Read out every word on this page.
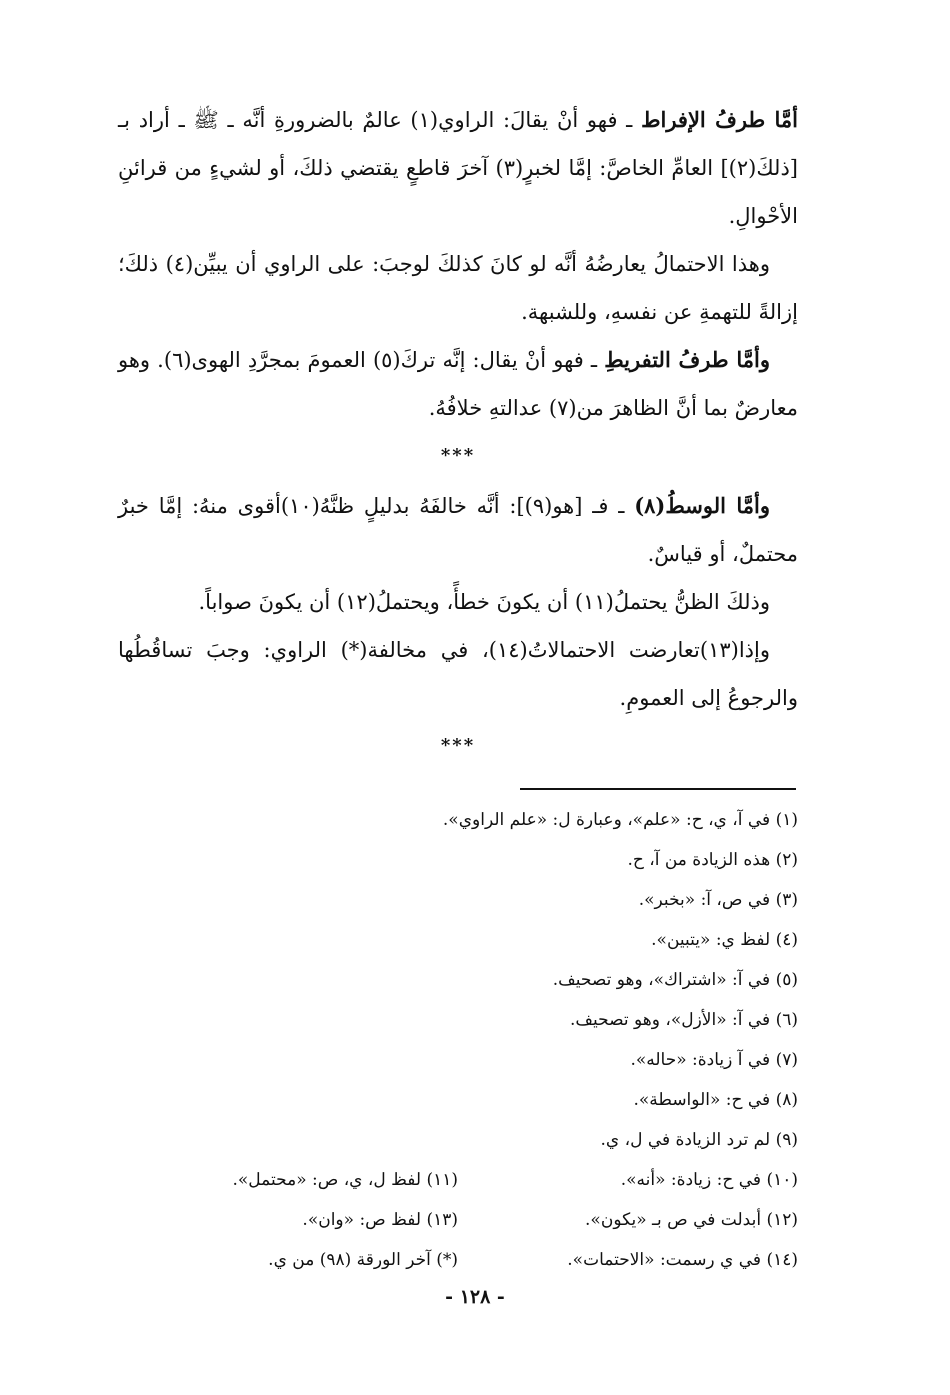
أمَّا طرفُ الإفراط ـ فهو أنْ يقالَ: الراوي(١) عالمٌ بالضرورةِ أنَّه ـ ﷺ ـ أراد بـ [ذلكَ(٢)] العامِّ الخاصَّ: إمَّا لخبرٍ(٣) آخرَ قاطعٍ يقتضي ذلكَ، أو لشيءٍ من قرائنِ الأحْوالِ.

وهذا الاحتمالُ يعارضُهُ أنَّه لو كانَ كذلكَ لوجبَ: على الراوي أن يبيِّن(٤) ذلكَ؛ إزالةً للتهمةِ عن نفسهِ، وللشبهة.

وأمَّا طرفُ التفريطِ ـ فهو أنْ يقال: إنَّه تركَ(٥) العمومَ بمجرَّدِ الهوى(٦). وهو معارضٌ بما أنَّ الظاهرَ من(٧) عدالتهِ خلافُهُ.

***

وأمَّا الوسطُ(٨) ـ فـ [هو(٩)]: أنَّه خالفَهُ بدليلٍ ظنَّهُ(١٠)أقوى منهُ: إمَّا خبرٌ محتملٌ، أو قياسٌ.

وذلكَ الظنُّ يحتملُ(١١) أن يكونَ خطأً، ويحتملُ(١٢) أن يكونَ صواباً.

وإذا(١٣)تعارضت الاحتمالاتُ(١٤)، في مخالفة(*) الراوي: وجبَ تساقُطُها والرجوعُ إلى العمومِ.

***
(١) في آ، ي، ح: «علم»، وعبارة ل: «علم الراوي».
(٢) هذه الزيادة من آ، ح.
(٣) في ص، آ: «بخبر».
(٤) لفظ ي: «يتبين».
(٥) في آ: «اشتراك»، وهو تصحيف.
(٦) في آ: «الأزل»، وهو تصحيف.
(٧) في آ زيادة: «حاله».
(٨) في ح: «الواسطة».
(٩) لم ترد الزيادة في ل، ي.
(١٠) في ح: زيادة: «أنه».
(١١) لفظ ل، ي، ص: «محتمل».
(١٢) أبدلت في ص بـ «يكون».
(١٣) لفظ ص: «وان».
(١٤) في ي رسمت: «الاحتمات».
(*) آخر الورقة (٩٨) من ي.
- ١٢٨ -
